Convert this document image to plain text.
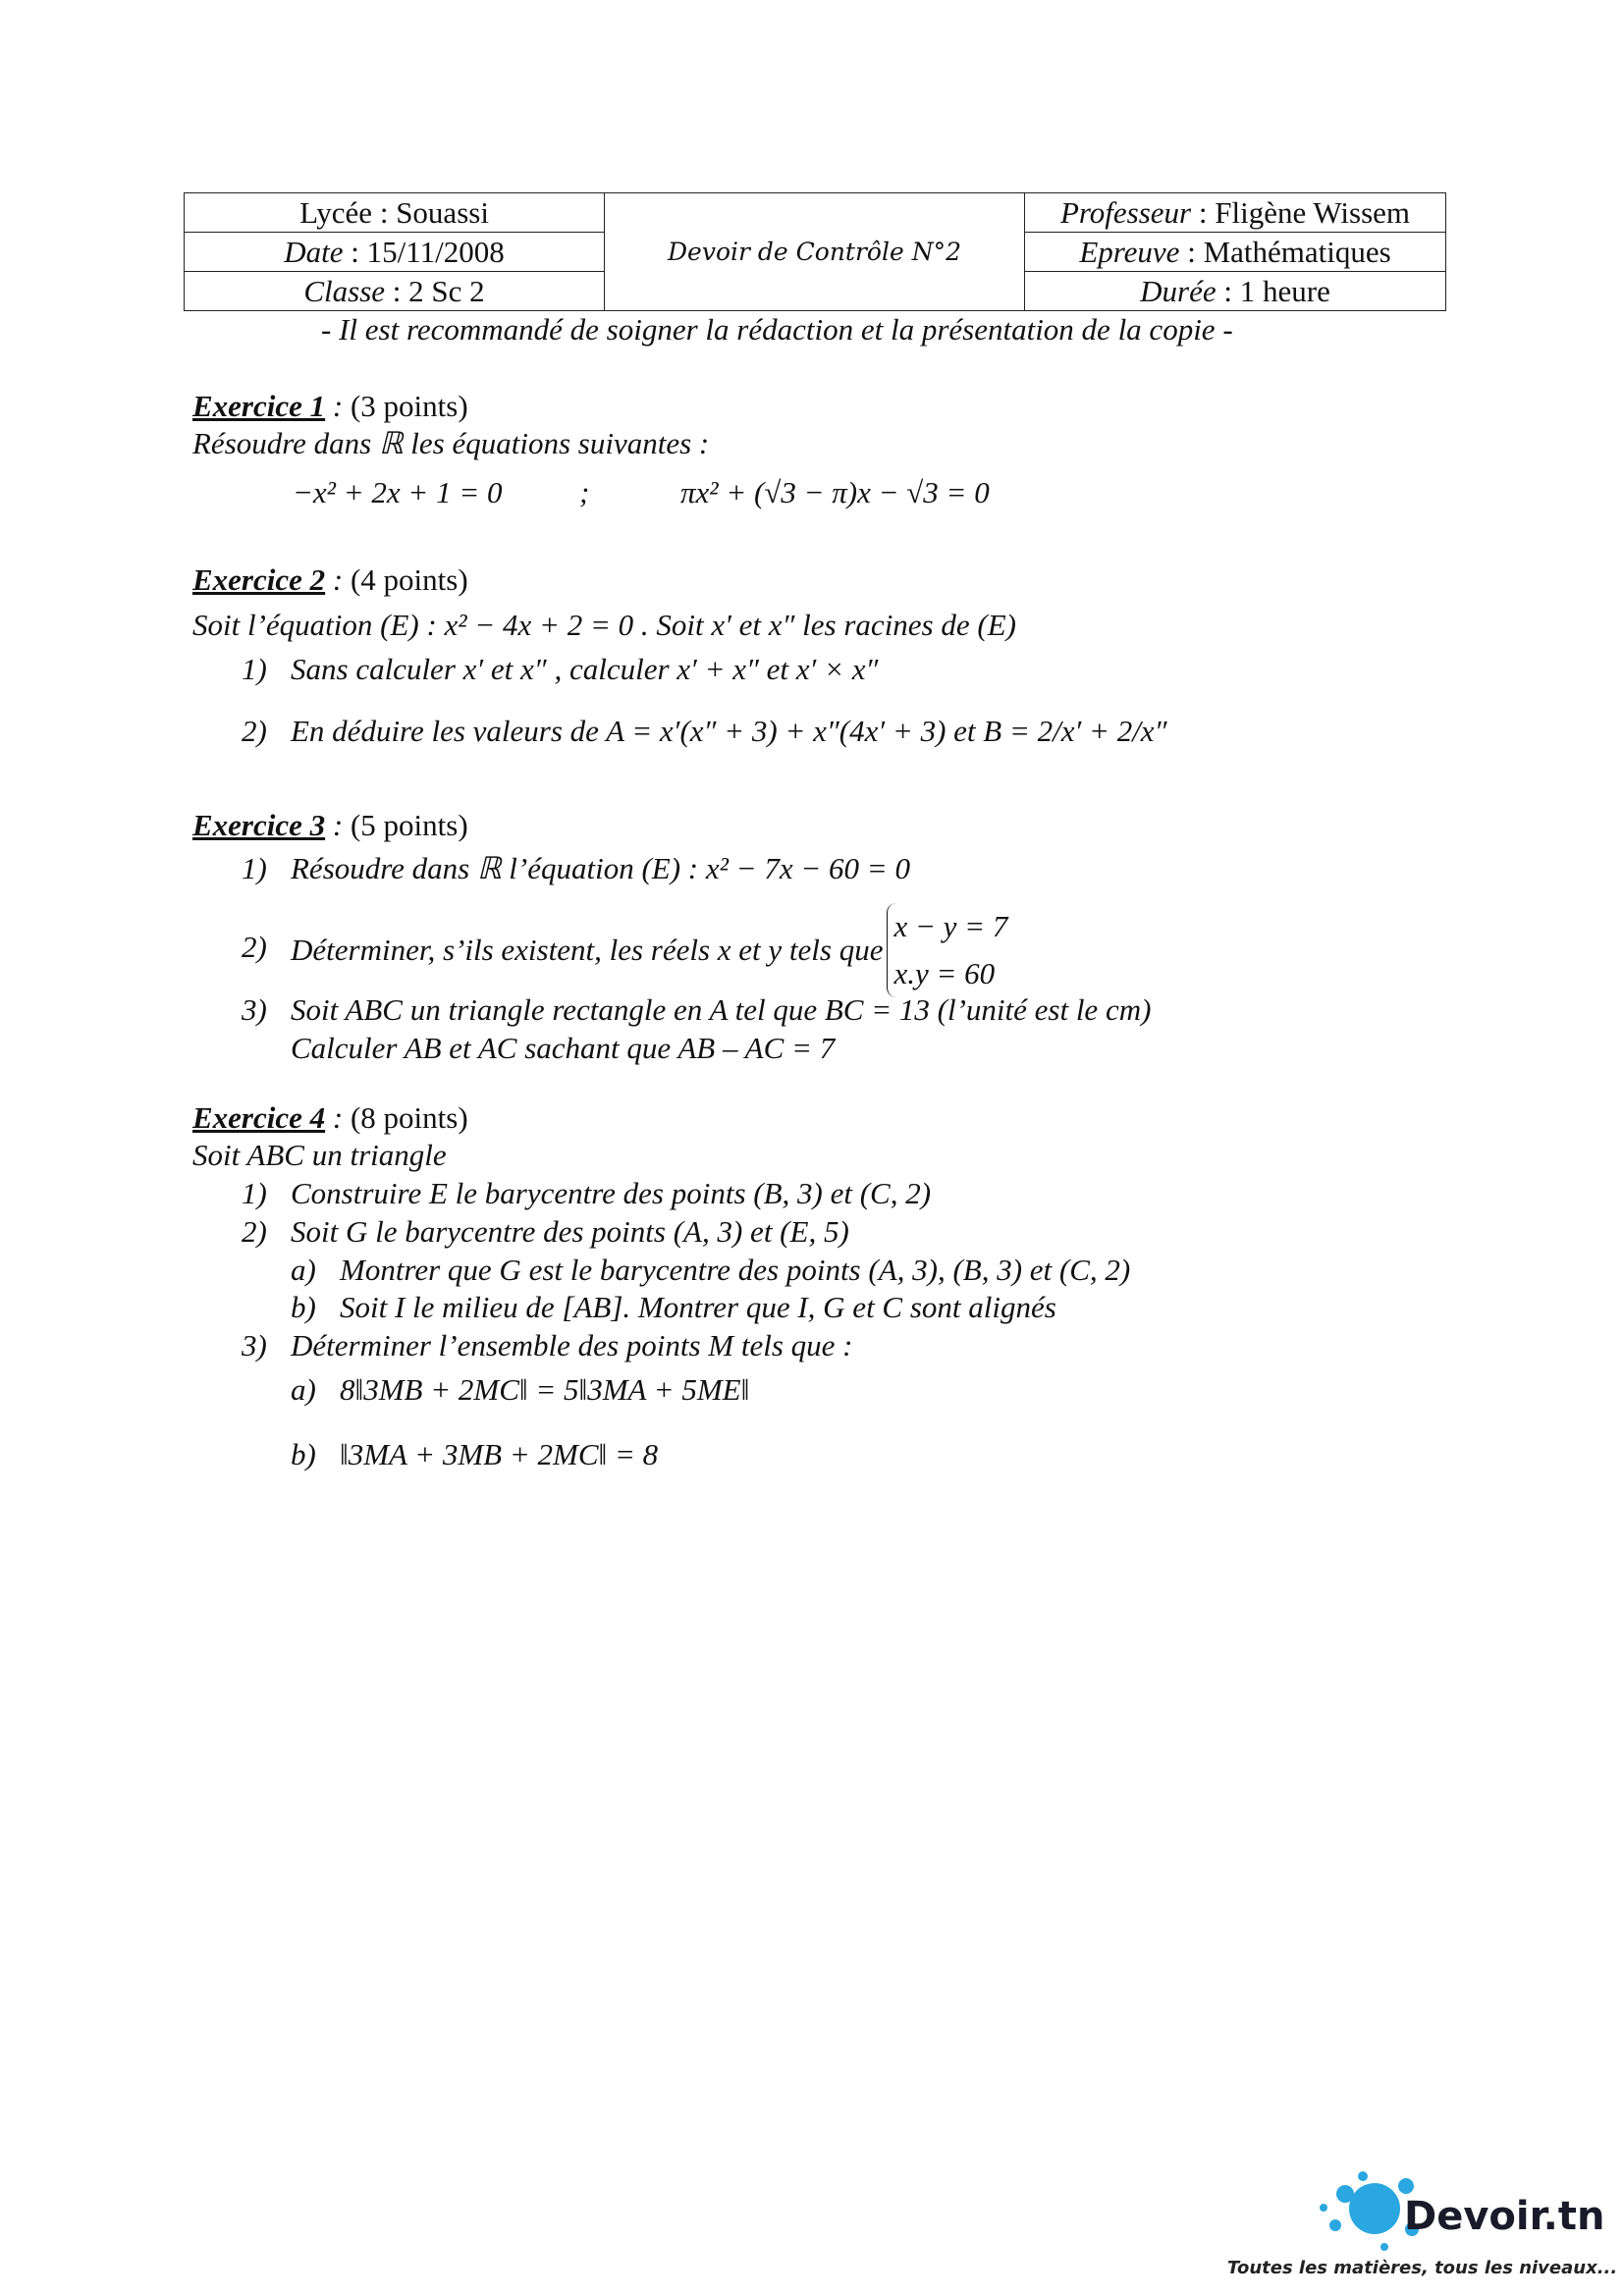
Lycée : Souassi	Devoir de Contrôle N°2	Professeur : Fligène Wissem
Date : 15/11/2008		Epreuve : Mathématiques
Classe : 2 Sc 2		Durée : 1 heure
- Il est recommandé de soigner la rédaction et la présentation de la copie -
Exercice 1 : (3 points)
Résoudre dans ℝ les équations suivantes :
−x² + 2x + 1 = 0	;	πx² + (√3 − π)x − √3 = 0
Exercice 2 : (4 points)
Soit l’équation (E) : x² − 4x + 2 = 0 . Soit x′ et x″ les racines de (E)
1) Sans calculer x′ et x″ , calculer x′ + x″ et x′ × x″
2) En déduire les valeurs de A = x′(x″ + 3) + x″(4x′ + 3) et B = 2/x′ + 2/x″
Exercice 3 : (5 points)
1) Résoudre dans ℝ l’équation (E) : x² − 7x − 60 = 0
2) Déterminer, s’ils existent, les réels x et y tels que
x − y = 7
x.y = 60
3) Soit ABC un triangle rectangle en A tel que BC = 13 (l’unité est le cm)
Calculer AB et AC sachant que AB – AC = 7
Exercice 4 : (8 points)
Soit ABC un triangle
1) Construire E le barycentre des points (B, 3) et (C, 2)
2) Soit G le barycentre des points (A, 3) et (E, 5)
a) Montrer que G est le barycentre des points (A, 3), (B, 3) et (C, 2)
b) Soit I le milieu de [AB]. Montrer que I, G et C sont alignés
3) Déterminer l’ensemble des points M tels que :
a) 8‖3MB + 2MC‖ = 5‖3MA + 5ME‖
b) ‖3MA + 3MB + 2MC‖ = 8
Devoir.tn
Toutes les matières, tous les niveaux...
